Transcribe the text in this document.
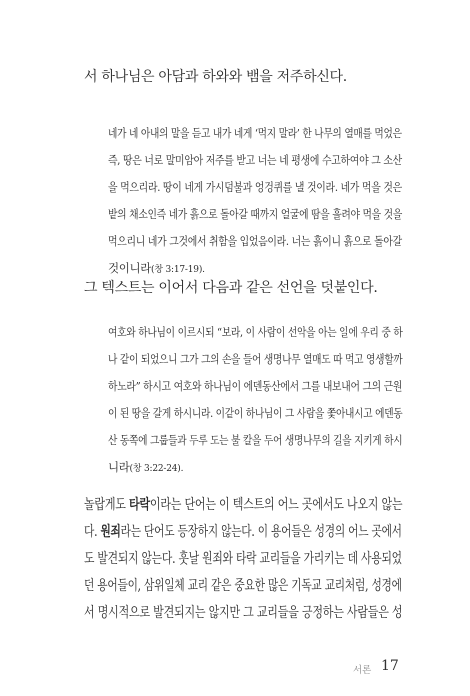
서 하나님은 아담과 하와와 뱀을 저주하신다.

네가 네 아내의 말을 듣고 내가 네게 ‘먹지 말라’ 한 나무의 열매를 먹었은

즉, 땅은 너로 말미암아 저주를 받고 너는 네 평생에 수고하여야 그 소산

을 먹으리라. 땅이 네게 가시덤불과 엉겅퀴를 낼 것이라. 네가 먹을 것은

밭의 채소인즉 네가 흙으로 돌아갈 때까지 얼굴에 땀을 흘려야 먹을 것을

먹으리니 네가 그것에서 취함을 입었음이라. 너는 흙이니 흙으로 돌아갈

것이니라(창 3:17-19).

그 텍스트는 이어서 다음과 같은 선언을 덧붙인다.

여호와 하나님이 이르시되 “보라, 이 사람이 선악을 아는 일에 우리 중 하

나 같이 되었으니 그가 그의 손을 들어 생명나무 열매도 따 먹고 영생할까

하노라” 하시고 여호와 하나님이 에덴동산에서 그를 내보내어 그의 근원

이 된 땅을 갈게 하시니라. 이같이 하나님이 그 사람을 쫓아내시고 에덴동

산 동쪽에 그룹들과 두루 도는 불 칼을 두어 생명나무의 길을 지키게 하시

니라(창 3:22-24).

놀랍게도 타락이라는 단어는 이 텍스트의 어느 곳에서도 나오지 않는

다. 원죄라는 단어도 등장하지 않는다. 이 용어들은 성경의 어느 곳에서

도 발견되지 않는다. 훗날 원죄와 타락 교리들을 가리키는 데 사용되었

던 용어들이, 삼위일체 교리 같은 중요한 많은 기독교 교리처럼, 성경에

서 명시적으로 발견되지는 않지만 그 교리들을 긍정하는 사람들은 성

서론 17
